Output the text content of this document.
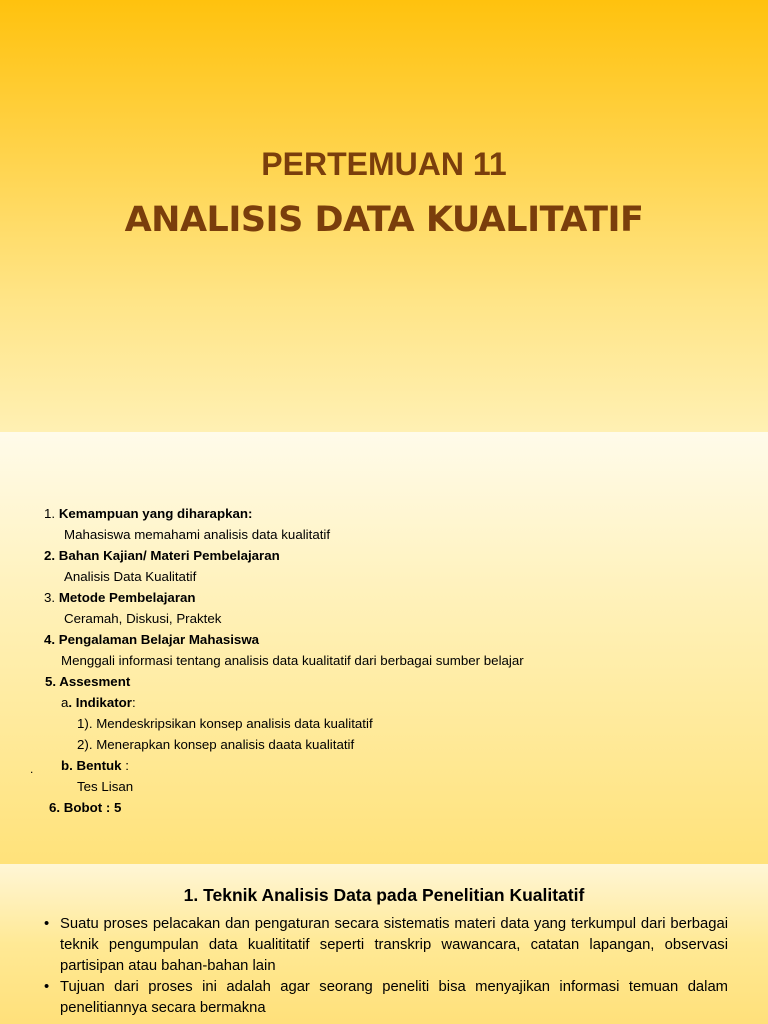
PERTEMUAN 11
ANALISIS DATA KUALITATIF
1. Kemampuan yang diharapkan:
Mahasiswa memahami analisis data kualitatif
2. Bahan Kajian/ Materi Pembelajaran
Analisis Data Kualitatif
3. Metode Pembelajaran
Ceramah, Diskusi, Praktek
4. Pengalaman Belajar Mahasiswa
Menggali informasi tentang analisis data kualitatif dari berbagai sumber belajar
5. Assesment
a. Indikator:
1). Mendeskripsikan konsep analisis data kualitatif
2). Menerapkan konsep analisis daata kualitatif
. b. Bentuk :
Tes Lisan
6. Bobot : 5
1. Teknik Analisis Data pada Penelitian Kualitatif
• Suatu proses pelacakan dan pengaturan secara sistematis materi data yang terkumpul dari berbagai teknik pengumpulan data kualititatif seperti transkrip wawancara, catatan lapangan, observasi partisipan atau bahan-bahan lain
• Tujuan dari proses ini adalah agar seorang peneliti bisa menyajikan informasi temuan dalam penelitiannya secara bermakna
